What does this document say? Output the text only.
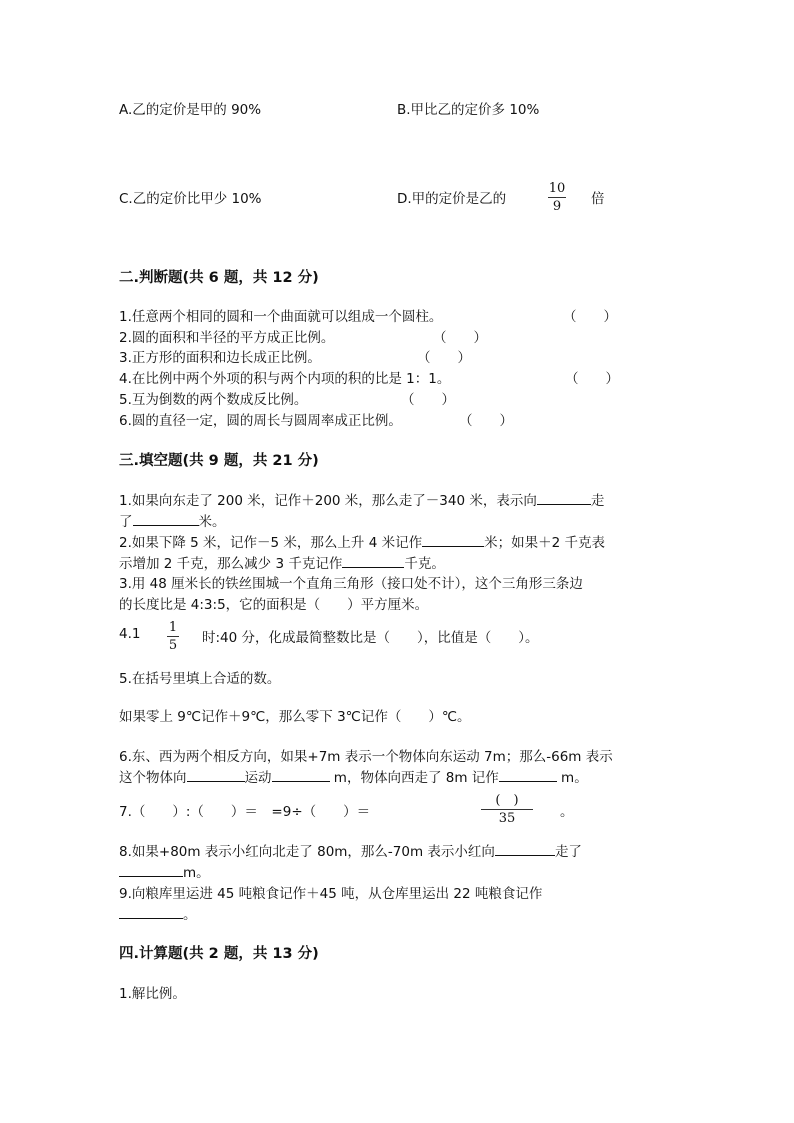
A.乙的定价是甲的 90%	B.甲比乙的定价多 10%
C.乙的定价比甲少 10%	D.甲的定价是乙的
10
9	倍
二.判断题(共 6 题，共 12 分)
1.任意两个相同的圆和一个曲面就可以组成一个圆柱。	（　　）
2.圆的面积和半径的平方成正比例。	（　　）
3.正方形的面积和边长成正比例。	（　　）
4.在比例中两个外项的积与两个内项的积的比是 1：1。	（　　）
5.互为倒数的两个数成反比例。	（　　）
6.圆的直径一定，圆的周长与圆周率成正比例。	（　　）
三.填空题(共 9 题，共 21 分)
1.如果向东走了 200 米，记作＋200 米，那么走了－340 米，表示向	走
了	米。
2.如果下降 5 米，记作－5 米，那么上升 4 米记作	米；如果＋2 千克表
示增加 2 千克，那么减少 3 千克记作	千克。
3.用 48 厘米长的铁丝围城一个直角三角形（接口处不计），这个三角形三条边
的长度比是 4:3:5，它的面积是（　　）平方厘米。
4.1 1
5 时:40 分，化成最简整数比是（　　），比值是（　　）。
5.在括号里填上合适的数。
如果零上 9℃记作＋9℃，那么零下 3℃记作（　　）℃。
6.东、西为两个相反方向，如果+7m 表示一个物体向东运动 7m；那么-66m 表示
这个物体向	运动	m，物体向西走了 8m 记作	m。
7.（　　）:（　　）＝　=9÷（　　）＝
(　)
35	。
8.如果+80m 表示小红向北走了 80m，那么-70m 表示小红向	走了
m。
9.向粮库里运进 45 吨粮食记作＋45 吨，从仓库里运出 22 吨粮食记作
。
四.计算题(共 2 题，共 13 分)
1.解比例。
